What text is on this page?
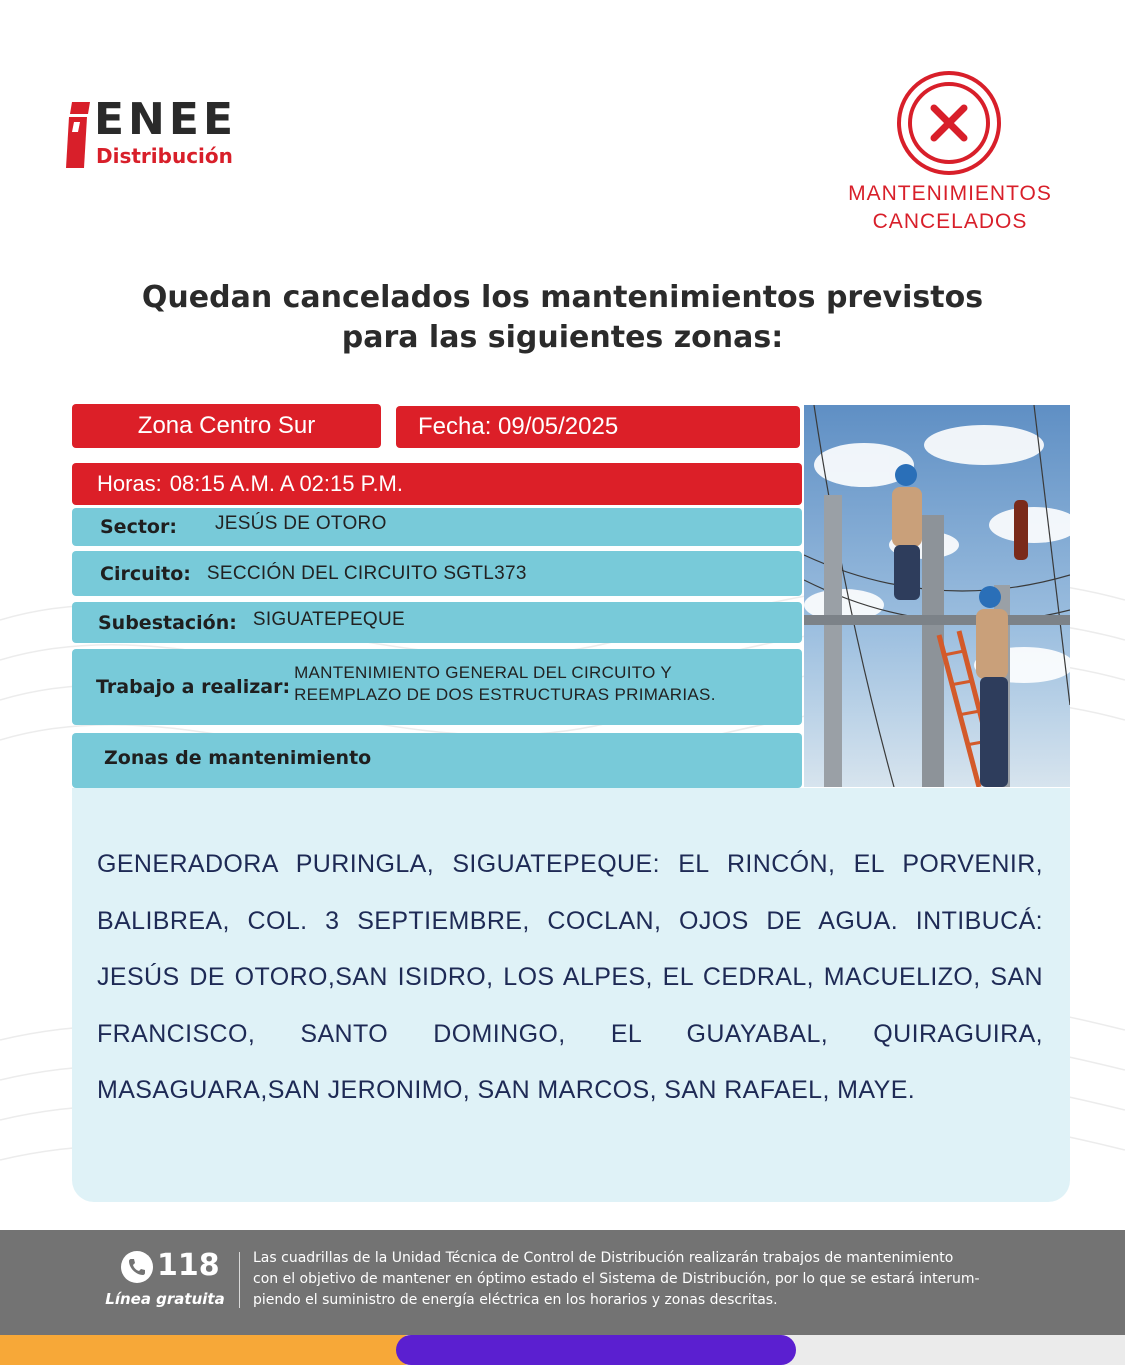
ENEE
Distribución
MANTENIMIENTOS
CANCELADOS
Quedan cancelados los mantenimientos previstos
para las siguientes zonas:
Zona Centro Sur	Fecha:
09/05/2025
Horas: 08:15 A.M. A 02:15 P.M.
Sector: JESÚS DE OTORO
Circuito: SECCIÓN DEL CIRCUITO SGTL373
Subestación: SIGUATEPEQUE
Trabajo a realizar:
MANTENIMIENTO GENERAL DEL CIRCUITO Y
REEMPLAZO DE DOS ESTRUCTURAS PRIMARIAS.
Zonas de mantenimiento
GENERADORA PURINGLA, SIGUATEPEQUE: EL RINCÓN, EL PORVENIR, BALIBREA, COL. 3 SEPTIEMBRE, COCLAN, OJOS DE AGUA. INTIBUCÁ: JESÚS DE OTORO,SAN ISIDRO, LOS ALPES, EL CEDRAL, MACUELIZO, SAN FRANCISCO, SANTO DOMINGO, EL GUAYABAL, QUIRAGUIRA, MASAGUARA,SAN JERONIMO, SAN MARCOS, SAN RAFAEL, MAYE.
118
Línea gratuita
Las cuadrillas de la Unidad Técnica de Control de Distribución realizarán trabajos de mantenimiento
con el objetivo de mantener en óptimo estado el Sistema de Distribución, por lo que se estará interum-
piendo el suministro de energía eléctrica en los horarios y zonas descritas.
